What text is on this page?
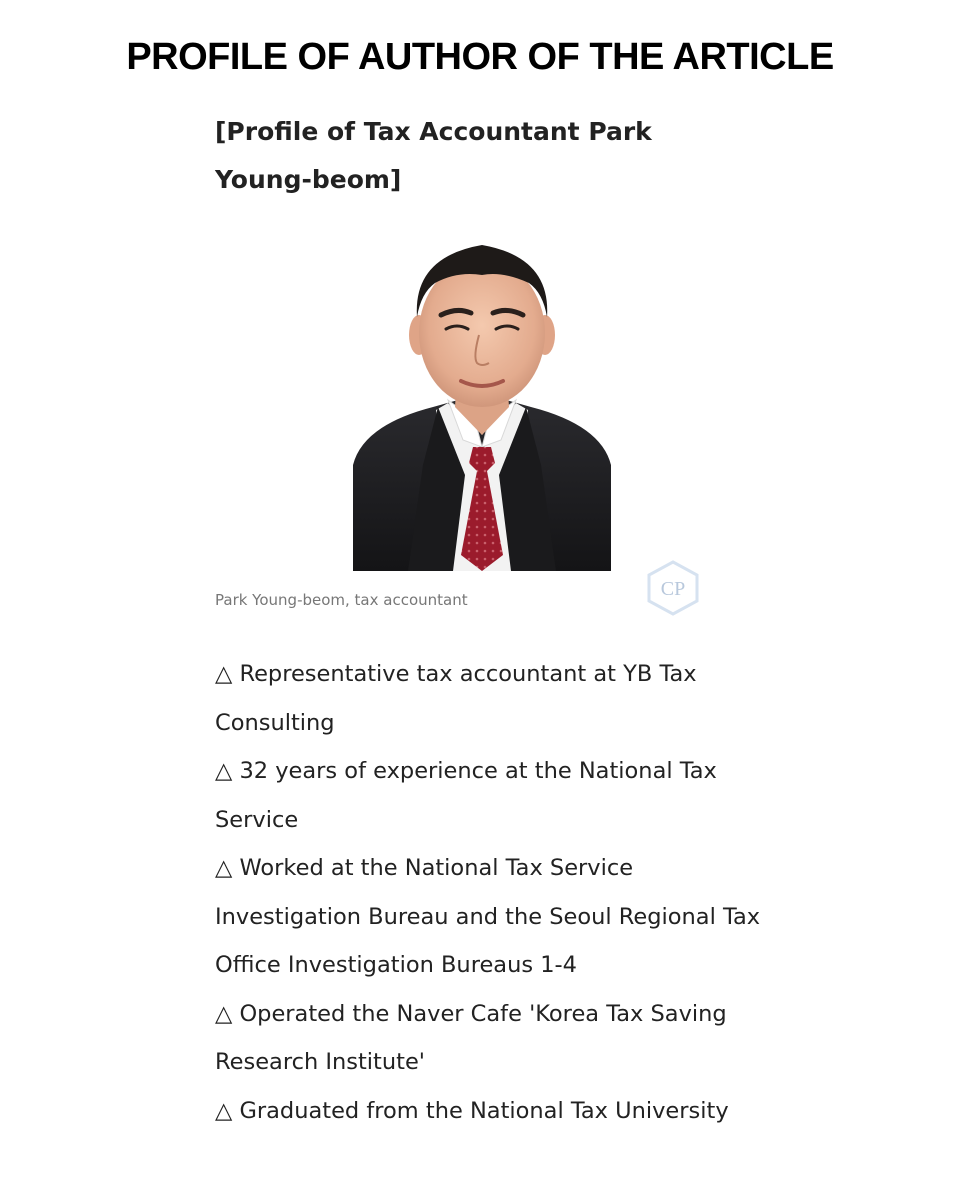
PROFILE OF AUTHOR OF THE ARTICLE
[Profile of Tax Accountant Park Young-beom]
CP

Park Young-beom, tax accountant

△ Representative tax accountant at YB Tax Consulting
△ 32 years of experience at the National Tax Service
△ Worked at the National Tax Service Investigation Bureau and the Seoul Regional Tax Office Investigation Bureaus 1-4
△ Operated the Naver Cafe 'Korea Tax Saving Research Institute'
△ Graduated from the National Tax University
